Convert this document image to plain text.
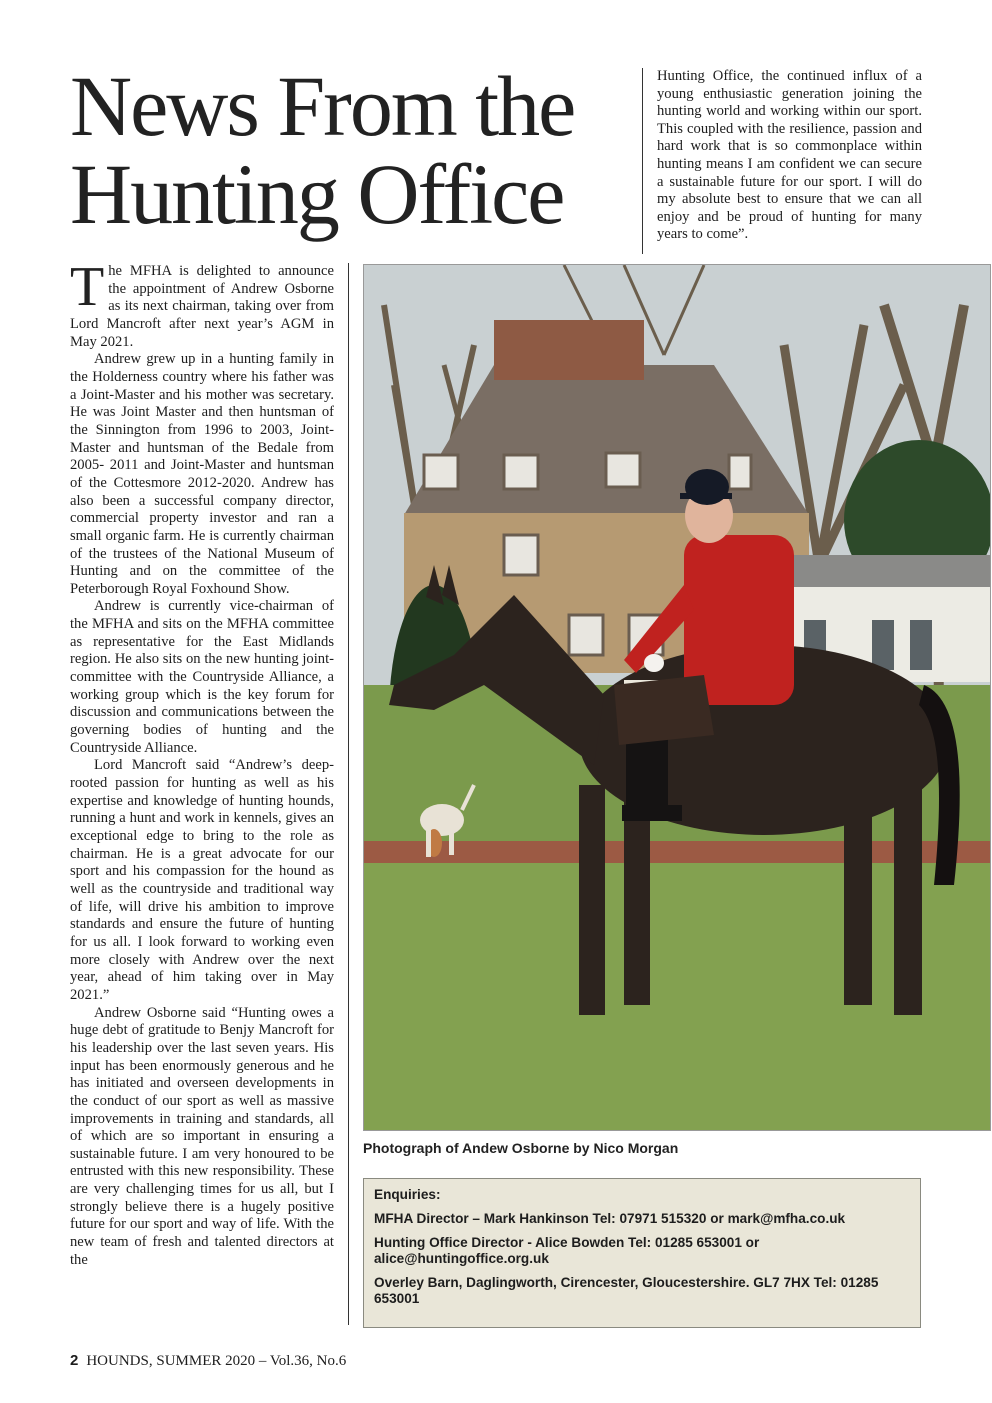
News From the
Hunting Office

Hunting Office, the continued influx of a young enthusiastic generation joining the hunting world and working within our sport. This coupled with the resilience, passion and hard work that is so commonplace within hunting means I am confident we can secure a sustainable future for our sport. I will do my absolute best to ensure that we can all enjoy and be proud of hunting for many years to come”.

The MFHA is delighted to announce the appointment of Andrew Osborne as its next chairman, taking over from Lord Mancroft after next year’s AGM in May 2021.

Andrew grew up in a hunting family in the Holderness country where his father was a Joint-Master and his mother was secretary. He was Joint Master and then huntsman of the Sinnington from 1996 to 2003, Joint-Master and huntsman of the Bedale from 2005- 2011 and Joint-Master and huntsman of the Cottesmore 2012-2020. Andrew has also been a successful company director, commercial property investor and ran a small organic farm. He is currently chairman of the trustees of the National Museum of Hunting and on the committee of the Peterborough Royal Foxhound Show.

Andrew is currently vice-chairman of the MFHA and sits on the MFHA committee as representative for the East Midlands region. He also sits on the new hunting joint-committee with the Countryside Alliance, a working group which is the key forum for discussion and communications between the governing bodies of hunting and the Countryside Alliance.

Lord Mancroft said “Andrew’s deep-rooted passion for hunting as well as his expertise and knowledge of hunting hounds, running a hunt and work in kennels, gives an exceptional edge to bring to the role as chairman. He is a great advocate for our sport and his compassion for the hound as well as the countryside and traditional way of life, will drive his ambition to improve standards and ensure the future of hunting for us all. I look forward to working even more closely with Andrew over the next year, ahead of him taking over in May 2021.”

Andrew Osborne said “Hunting owes a huge debt of gratitude to Benjy Mancroft for his leadership over the last seven years. His input has been enormously generous and he has initiated and overseen developments in the conduct of our sport as well as massive improvements in training and standards, all of which are so important in ensuring a sustainable future. I am very honoured to be entrusted with this new responsibility. These are very challenging times for us all, but I strongly believe there is a hugely positive future for our sport and way of life. With the new team of fresh and talented directors at the

Photograph of Andew Osborne by Nico Morgan

Enquiries:

MFHA Director – Mark Hankinson Tel: 07971 515320 or mark@mfha.co.uk

Hunting Office Director - Alice Bowden Tel: 01285 653001 or alice@huntingoffice.org.uk

Overley Barn, Daglingworth, Cirencester, Gloucestershire. GL7 7HX Tel: 01285 653001

2 HOUNDS, SUMMER 2020 – Vol.36, No.6
